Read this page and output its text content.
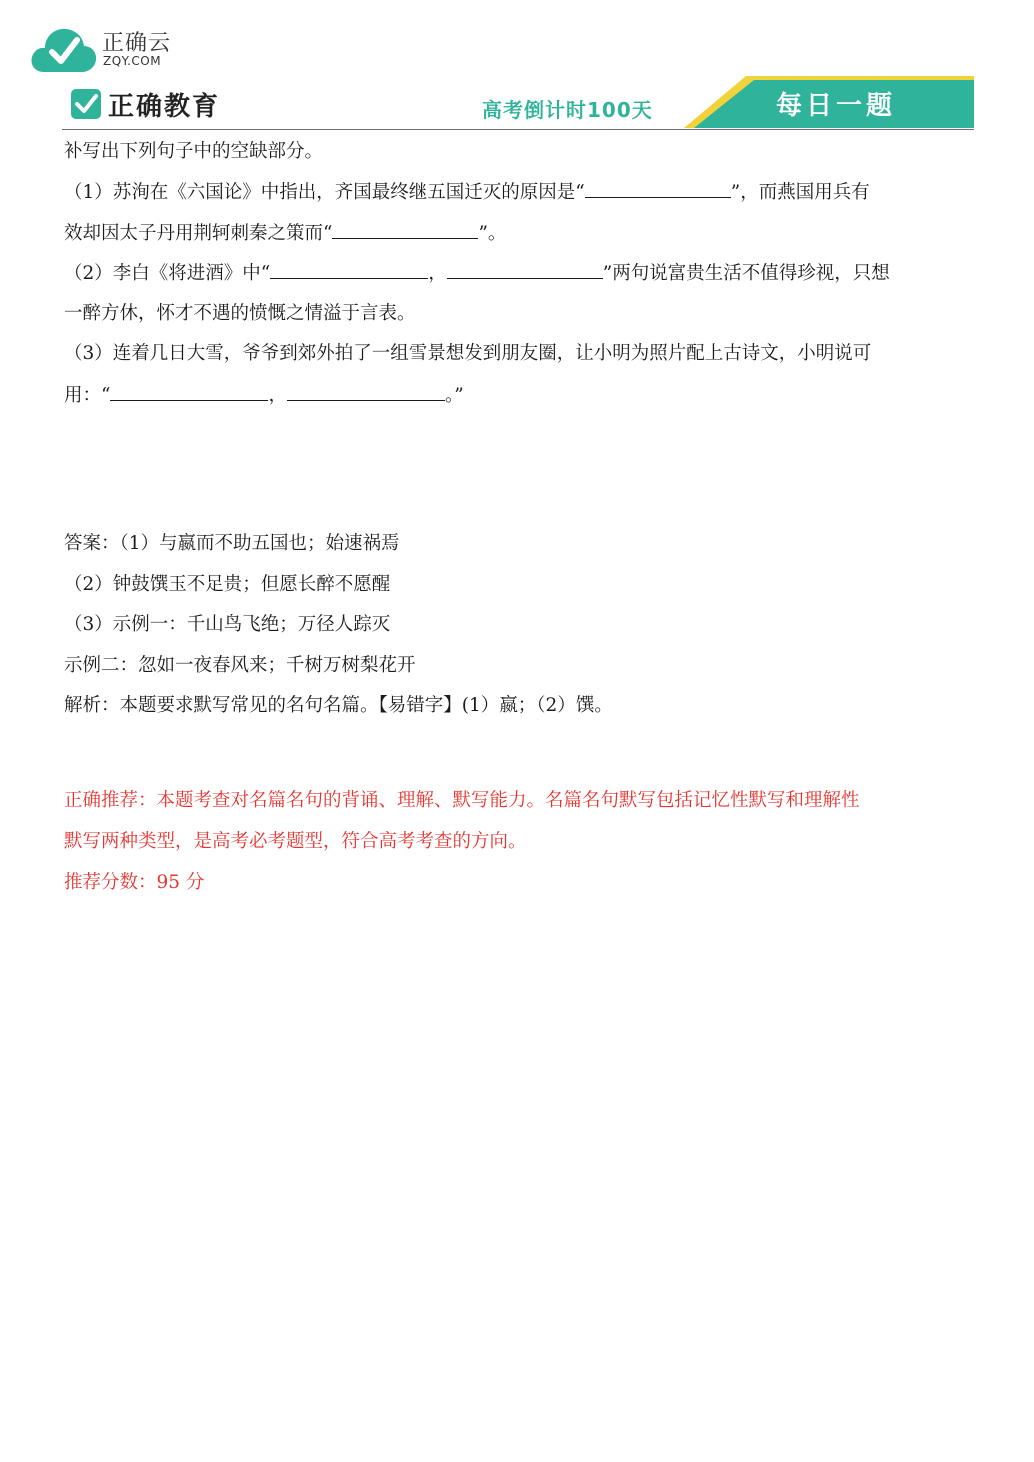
正确云
ZQY.COM
正确教育	高考倒计时100天	每日一题
补写出下列句子中的空缺部分。
（1）苏洵在《六国论》中指出，齐国最终继五国迁灭的原因是“	”，而燕国用兵有
效却因太子丹用荆轲刺秦之策而“	”。
（2）李白《将进酒》中“	，	”两句说富贵生活不值得珍视，只想
一醉方休，怀才不遇的愤慨之情溢于言表。
（3）连着几日大雪，爷爷到郊外拍了一组雪景想发到朋友圈，让小明为照片配上古诗文，小明说可
用：“	，	。”
答案：（1）与嬴而不助五国也；始速祸焉
（2）钟鼓馔玉不足贵；但愿长醉不愿醒
（3）示例一：千山鸟飞绝；万径人踪灭
示例二：忽如一夜春风来；千树万树梨花开
解析：本题要求默写常见的名句名篇。【易错字】(1）嬴；（2）馔。
正确推荐：本题考查对名篇名句的背诵、理解、默写能力。名篇名句默写包括记忆性默写和理解性
默写两种类型，是高考必考题型，符合高考考查的方向。
推荐分数：95 分
